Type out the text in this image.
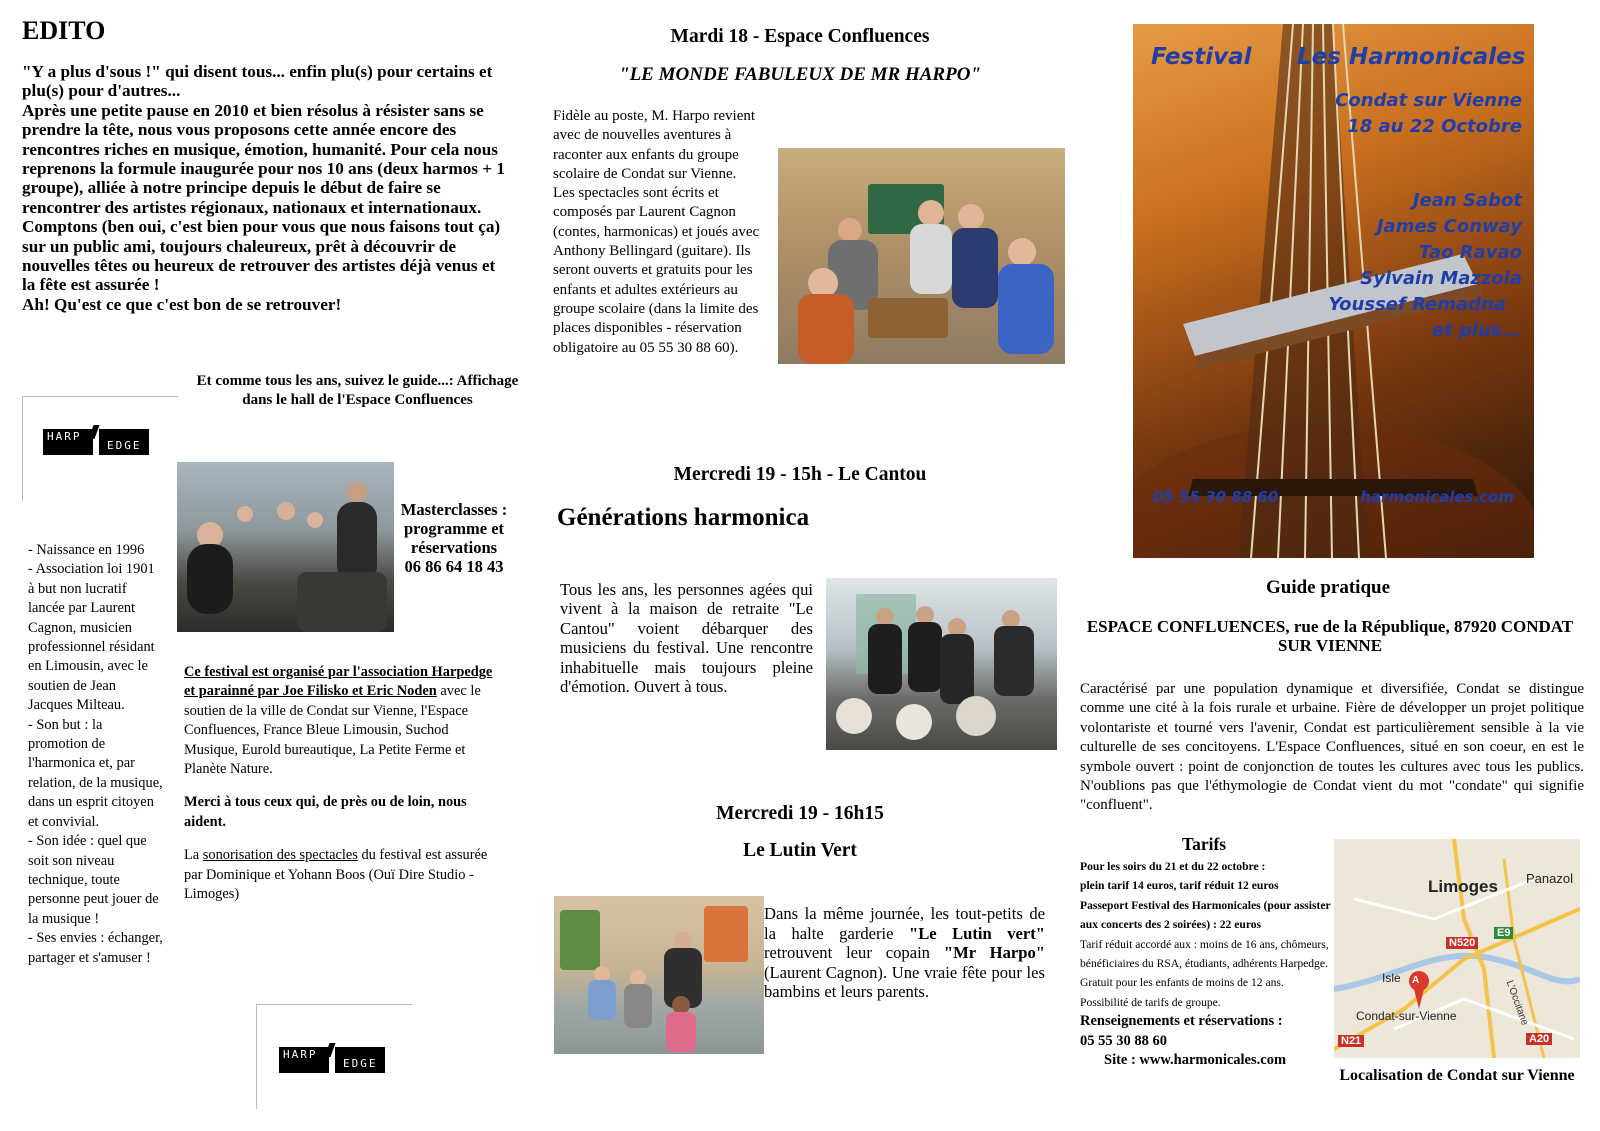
EDITO

"Y a plus d'sous !" qui disent tous... enfin plu(s) pour certains et plu(s) pour d'autres...

Après une petite pause en 2010 et bien résolus à résister sans se prendre la tête, nous vous proposons cette année encore des rencontres riches en musique, émotion, humanité. Pour cela nous reprenons la formule inaugurée pour nos 10 ans (deux harmos + 1 groupe), alliée à notre principe depuis le début de faire se rencontrer des artistes régionaux, nationaux et internationaux.

Comptons (ben oui, c'est bien pour vous que nous faisons tout ça) sur un public ami, toujours chaleureux, prêt à découvrir de nouvelles têtes ou heureux de retrouver des artistes déjà venus et la fête est assurée !

Ah! Qu'est ce que c'est bon de se retrouver!

Et comme tous les ans, suivez le guide...: Affichage dans le hall de l'Espace Confluences
HARP
EDGE
Masterclasses : programme et réservations
06 86 64 18 43
- Naissance en 1996
- Association loi 1901 à but non lucratif lancée par Laurent Cagnon, musicien professionnel résidant en Limousin, avec le soutien de Jean Jacques Milteau.
- Son but : la promotion de l'harmonica et, par relation, de la musique, dans un esprit citoyen et convivial.
- Son idée : quel que soit son niveau technique, toute personne peut jouer de la musique !
- Ses envies : échanger, partager et s'amuser !

Ce festival est organisé par l'association Harpedge et parainné par Joe Filisko et Eric Noden avec le soutien de la ville de Condat sur Vienne, l'Espace Confluences, France Bleue Limousin, Suchod Musique, Eurold bureautique, La Petite Ferme et Planète Nature.

Merci à tous ceux qui, de près ou de loin, nous aident.

La sonorisation des spectacles du festival est assurée par Dominique et Yohann Boos (Ouï Dire Studio - Limoges)

HARP
EDGE
Mardi 18 - Espace Confluences
"LE MONDE FABULEUX DE MR HARPO"
Fidèle au poste, M. Harpo revient avec de nouvelles aventures à raconter aux enfants du groupe scolaire de Condat sur Vienne. Les spectacles sont écrits et composés par Laurent Cagnon (contes, harmonicas) et joués avec Anthony Bellingard (guitare). Ils seront ouverts et gratuits pour les enfants et adultes extérieurs au groupe scolaire (dans la limite des places disponibles - réservation obligatoire au 05 55 30 88 60).
Mercredi 19 - 15h - Le Cantou
Générations harmonica
Tous les ans, les personnes agées qui vivent à la maison de retraite "Le Cantou" voient débarquer des musiciens du festival. Une rencontre inhabituelle mais toujours pleine d'émotion. Ouvert à tous.
Mercredi 19 - 16h15
Le Lutin Vert
Dans la même journée, les tout-petits de la halte garderie "Le Lutin vert" retrouvent leur copain "Mr Harpo" (Laurent Cagnon). Une vraie fête pour les bambins et leurs parents.
Festival Les Harmonicales
Condat sur Vienne
18 au 22 Octobre
Jean Sabot
James Conway
Tao Ravao
Sylvain Mazzola
Youssef Remadna
et plus...
05 55 30 88 60	harmonicales.com
Guide pratique
ESPACE CONFLUENCES, rue de la République, 87920 CONDAT SUR VIENNE
Caractérisé par une population dynamique et diversifiée, Condat se distingue comme une cité à la fois rurale et urbaine. Fière de développer un projet politique volontariste et tourné vers l'avenir, Condat est particulièrement sensible à la vie culturelle de ses concitoyens. L'Espace Confluences, situé en son coeur, en est le symbole ouvert : point de conjonction de toutes les cultures avec tous les publics. N'oublions pas que l'éthymologie de Condat vient du mot "condate" qui signifie "confluent".
Tarifs
Pour les soirs du 21 et du 22 octobre :
plein tarif 14 euros, tarif réduit 12 euros
Passeport Festival des Harmonicales (pour assister aux concerts des 2 soirées) : 22 euros
Tarif réduit accordé aux : moins de 16 ans, chômeurs, bénéficiaires du RSA, étudiants, adhérents Harpedge.
Gratuit pour les enfants de moins de 12 ans. Possibilité de tarifs de groupe.
Renseignements et réservations :
05 55 30 88 60
Site : www.harmonicales.com
Limoges Panazol
Isle A
Condat-sur-Vienne
N520
E9
N21	A20
L'Occitane
Localisation de Condat sur Vienne
